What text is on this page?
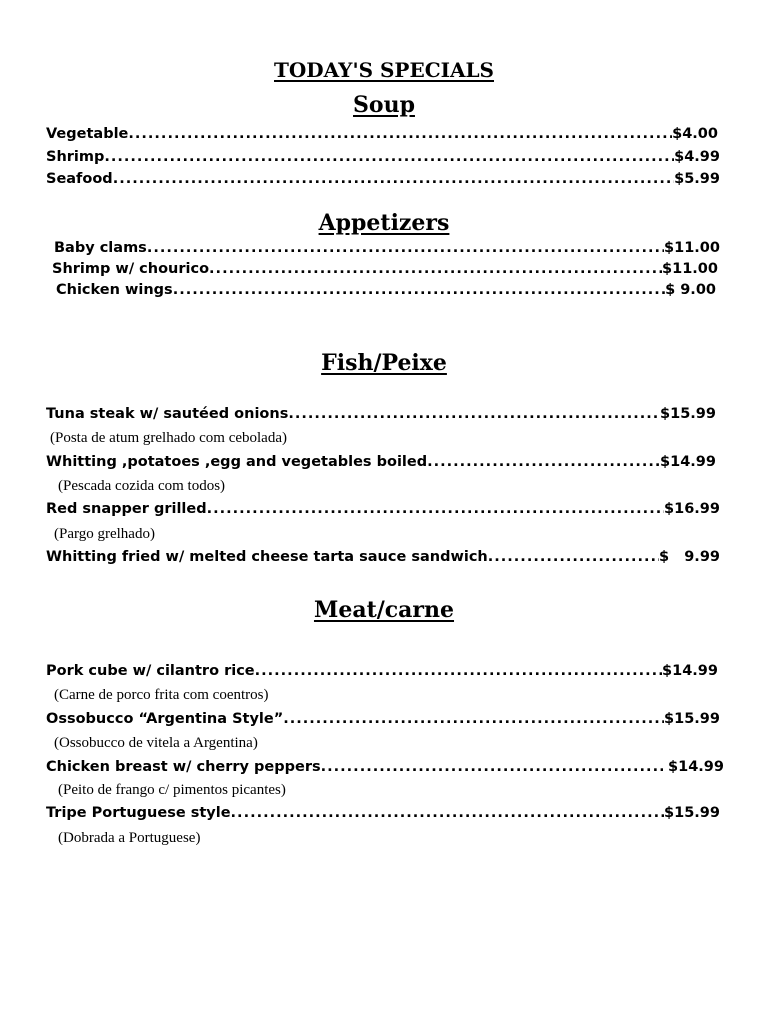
TODAY'S SPECIALS
Soup
Vegetable .....	$4.00
Shrimp .....	$4.99
Seafood .....	$5.99
Appetizers
Baby clams .....	$11.00
Shrimp w/ chourico .....	$11.00
Chicken wings .....	$ 9.00
Fish/Peixe
Tuna steak w/ sautéed onions .....	$15.99
(Posta de atum grelhado com cebolada)
Whitting ,potatoes ,egg and vegetables boiled .....	$14.99
(Pescada cozida com todos)
Red snapper grilled .....	$16.99
(Pargo grelhado)
Whitting fried w/ melted cheese tarta sauce sandwich .....	$   9.99
Meat/carne
Pork cube w/ cilantro rice .....	$14.99
(Carne de porco frita com coentros)
Ossobucco “Argentina Style” .....	$15.99
(Ossobucco de vitela a Argentina)
Chicken breast w/ cherry peppers .....	$14.99
(Peito de frango c/ pimentos picantes)
Tripe Portuguese style .....	$15.99
(Dobrada a Portuguese)
